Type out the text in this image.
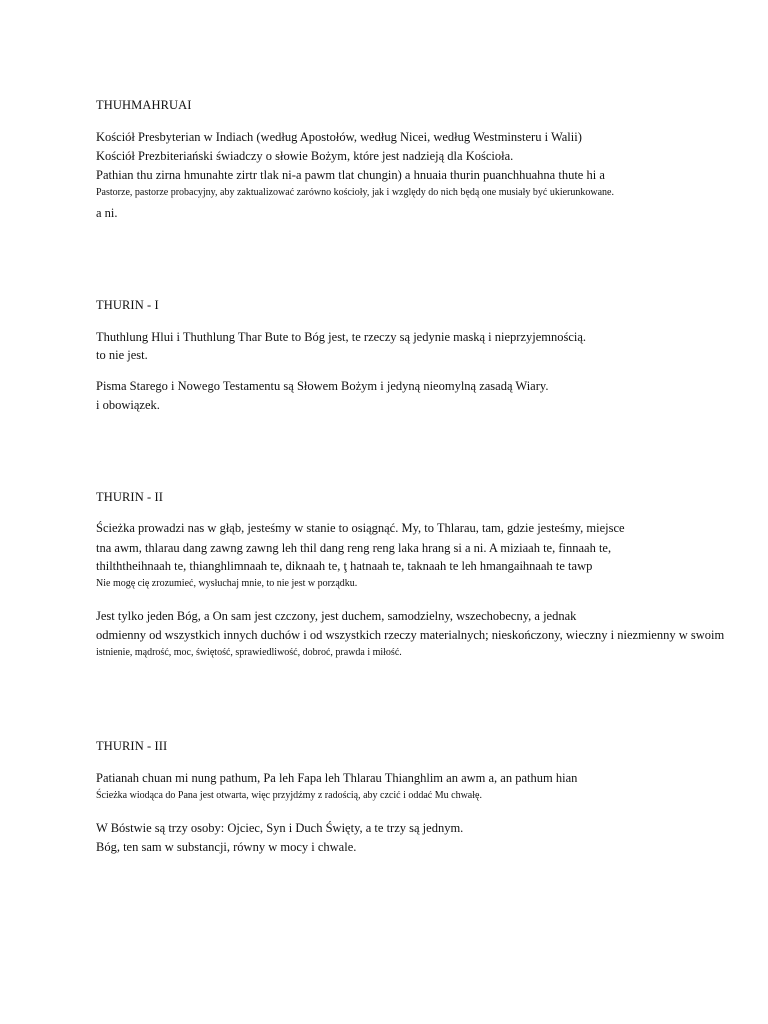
THUHMAHRUAI
Kościół Presbyterian w Indiach (według Apostołów, według Nicei, według Westminsteru i Walii)
Kościół Prezbiteriański świadczy o słowie Bożym, które jest nadzieją dla Kościoła.
Pathian thu zirna hmunahte zirtr tlak ni-a pawm tlat chungin) a hnuaia thurin puanchhuahna thute hi a
Pastorze, pastorze probacyjny, aby zaktualizować zarówno kościoły, jak i względy do nich będą one musiały być ukierunkowane.
a ni.
THURIN - I
Thuthlung Hlui i Thuthlung Thar Bute to Bóg jest, te rzeczy są jedynie maską i nieprzyjemnością.
to nie jest.
Pisma Starego i Nowego Testamentu są Słowem Bożym i jedyną nieomylną zasadą Wiary.
i obowiązek.
THURIN - II
Ścieżka prowadzi nas w głąb, jesteśmy w stanie to osiągnąć. My, to Thlarau, tam, gdzie jesteśmy, miejsce
tna awm, thlarau dang zawng zawng leh thil dang reng reng laka hrang si a ni. A miziaah te, finnaah te,
thilththeihnaah te, thianghlimnaah te, diknaah te, ţ hatnaah te, taknaah te leh hmangaihnaah te tawp
Nie mogę cię zrozumieć, wysłuchaj mnie, to nie jest w porządku.
Jest tylko jeden Bóg, a On sam jest czczony, jest duchem, samodzielny, wszechobecny, a jednak
odmienny od wszystkich innych duchów i od wszystkich rzeczy materialnych; nieskończony, wieczny i niezmienny w swoim
istnienie, mądrość, moc, świętość, sprawiedliwość, dobroć, prawda i miłość.
THURIN - III
Patianah chuan mi nung pathum, Pa leh Fapa leh Thlarau Thianghlim an awm a, an pathum hian
Ścieżka wiodąca do Pana jest otwarta, więc przyjdźmy z radością, aby czcić i oddać Mu chwałę.
W Bóstwie są trzy osoby: Ojciec, Syn i Duch Święty, a te trzy są jednym.
Bóg, ten sam w substancji, równy w mocy i chwale.
